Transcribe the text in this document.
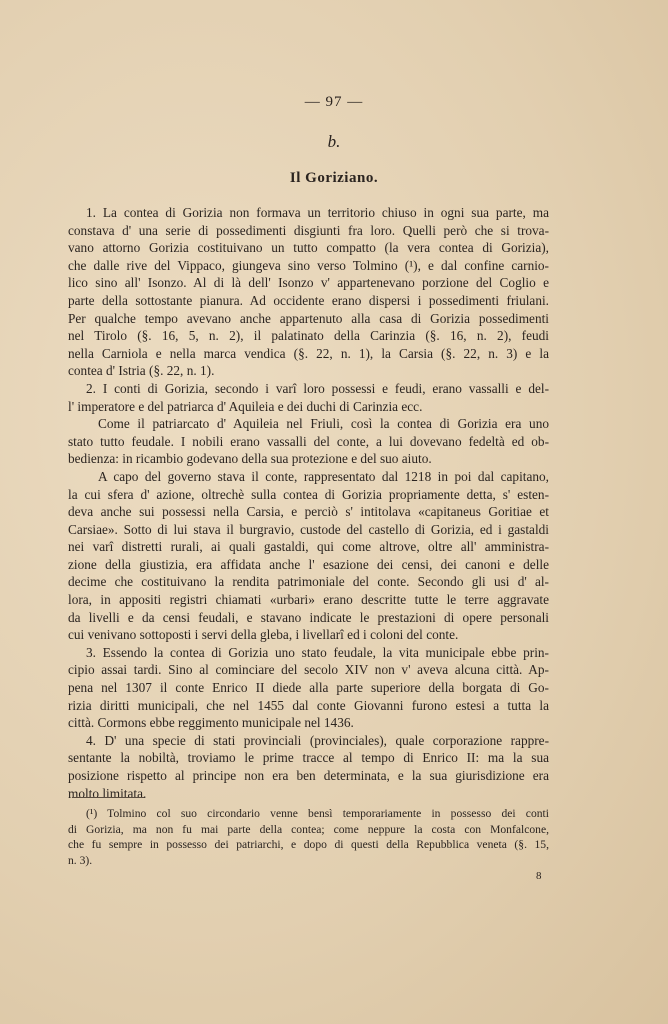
— 97 —
b.
Il Goriziano.
1. La contea di Gorizia non formava un territorio chiuso in ogni sua parte, ma
constava d' una serie di possedimenti disgiunti fra loro. Quelli però che si trova-
vano attorno Gorizia costituivano un tutto compatto (la vera contea di Gorizia),
che dalle rive del Vippaco, giungeva sino verso Tolmino (¹), e dal confine carnio-
lico sino all' Isonzo. Al di là dell' Isonzo v' appartenevano porzione del Coglio e
parte della sottostante pianura. Ad occidente erano dispersi i possedimenti friulani.
Per qualche tempo avevano anche appartenuto alla casa di Gorizia possedimenti
nel Tirolo (§. 16, 5, n. 2), il palatinato della Carinzia (§. 16, n. 2), feudi
nella Carniola e nella marca vendica (§. 22, n. 1), la Carsia (§. 22, n. 3) e la
contea d' Istria (§. 22, n. 1).
2. I conti di Gorizia, secondo i varî loro possessi e feudi, erano vassalli e del-
l' imperatore e del patriarca d' Aquileia e dei duchi di Carinzia ecc.
Come il patriarcato d' Aquileia nel Friuli, così la contea di Gorizia era uno
stato tutto feudale. I nobili erano vassalli del conte, a lui dovevano fedeltà ed ob-
bedienza: in ricambio godevano della sua protezione e del suo aiuto.
A capo del governo stava il conte, rappresentato dal 1218 in poi dal capitano,
la cui sfera d' azione, oltrechè sulla contea di Gorizia propriamente detta, s' esten-
deva anche sui possessi nella Carsia, e perciò s' intitolava «capitaneus Goritiae et
Carsiae». Sotto di lui stava il burgravio, custode del castello di Gorizia, ed i gastaldi
nei varî distretti rurali, ai quali gastaldi, qui come altrove, oltre all' amministra-
zione della giustizia, era affidata anche l' esazione dei censi, dei canoni e delle
decime che costituivano la rendita patrimoniale del conte. Secondo gli usi d' al-
lora, in appositi registri chiamati «urbari» erano descritte tutte le terre aggravate
da livelli e da censi feudali, e stavano indicate le prestazioni di opere personali
cui venivano sottoposti i servi della gleba, i livellarî ed i coloni del conte.
3. Essendo la contea di Gorizia uno stato feudale, la vita municipale ebbe prin-
cipio assai tardi. Sino al cominciare del secolo XIV non v' aveva alcuna città. Ap-
pena nel 1307 il conte Enrico II diede alla parte superiore della borgata di Go-
rizia diritti municipali, che nel 1455 dal conte Giovanni furono estesi a tutta la
città. Cormons ebbe reggimento municipale nel 1436.
4. D' una specie di stati provinciali (provinciales), quale corporazione rappre-
sentante la nobiltà, troviamo le prime tracce al tempo di Enrico II: ma la sua
posizione rispetto al principe non era ben determinata, e la sua giurisdizione era
molto limitata.
(¹) Tolmino col suo circondario venne bensì temporariamente in possesso dei conti
di Gorizia, ma non fu mai parte della contea; come neppure la costa con Monfalcone,
che fu sempre in possesso dei patriarchi, e dopo di questi della Repubblica veneta (§. 15,
n. 3).
8
